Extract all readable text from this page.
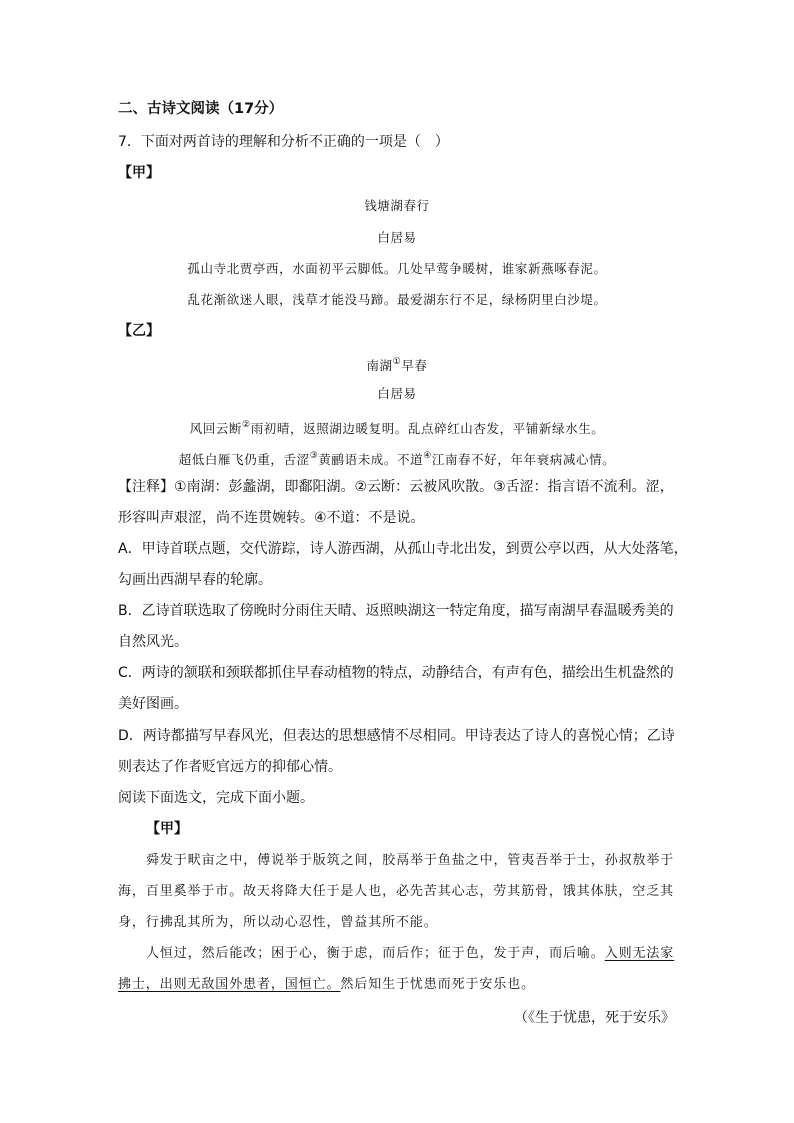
二、古诗文阅读（17分）
7．下面对两首诗的理解和分析不正确的一项是（　）
【甲】
钱塘湖春行
白居易
孤山寺北贾亭西，水面初平云脚低。几处早莺争暖树，谁家新燕啄春泥。
乱花渐欲迷人眼，浅草才能没马蹄。最爱湖东行不足，绿杨阴里白沙堤。
【乙】
南湖①早春
白居易
风回云断②雨初晴，返照湖边暖复明。乱点碎红山杏发，平铺新绿水生。
超低白雁飞仍重，舌涩③黄鹂语未成。不道④江南春不好，年年衰病减心情。
【注释】①南湖：彭蠡湖，即鄱阳湖。②云断：云被风吹散。③舌涩：指言语不流利。涩，
形容叫声艰涩，尚不连贯婉转。④不道：不是说。
A．甲诗首联点题，交代游踪，诗人游西湖，从孤山寺北出发，到贾公亭以西，从大处落笔，
勾画出西湖早春的轮廓。
B．乙诗首联选取了傍晚时分雨住天晴、返照映湖这一特定角度，描写南湖早春温暖秀美的
自然风光。
C．两诗的颔联和颈联都抓住早春动植物的特点，动静结合，有声有色，描绘出生机盎然的
美好图画。
D．两诗都描写早春风光，但表达的思想感情不尽相同。甲诗表达了诗人的喜悦心情；乙诗
则表达了作者贬官远方的抑郁心情。
阅读下面选文，完成下面小题。
【甲】
舜发于畎亩之中，傅说举于版筑之间，胶鬲举于鱼盐之中，管夷吾举于士，孙叔敖举于
海，百里奚举于市。故天将降大任于是人也，必先苦其心志，劳其筋骨，饿其体肤，空乏其
身，行拂乱其所为，所以动心忍性，曾益其所不能。
人恒过，然后能改；困于心，衡于虑，而后作；征于色，发于声，而后喻。入则无法家
拂士，出则无敌国外患者，国恒亡。然后知生于忧患而死于安乐也。
（《生于忧患，死于安乐》
